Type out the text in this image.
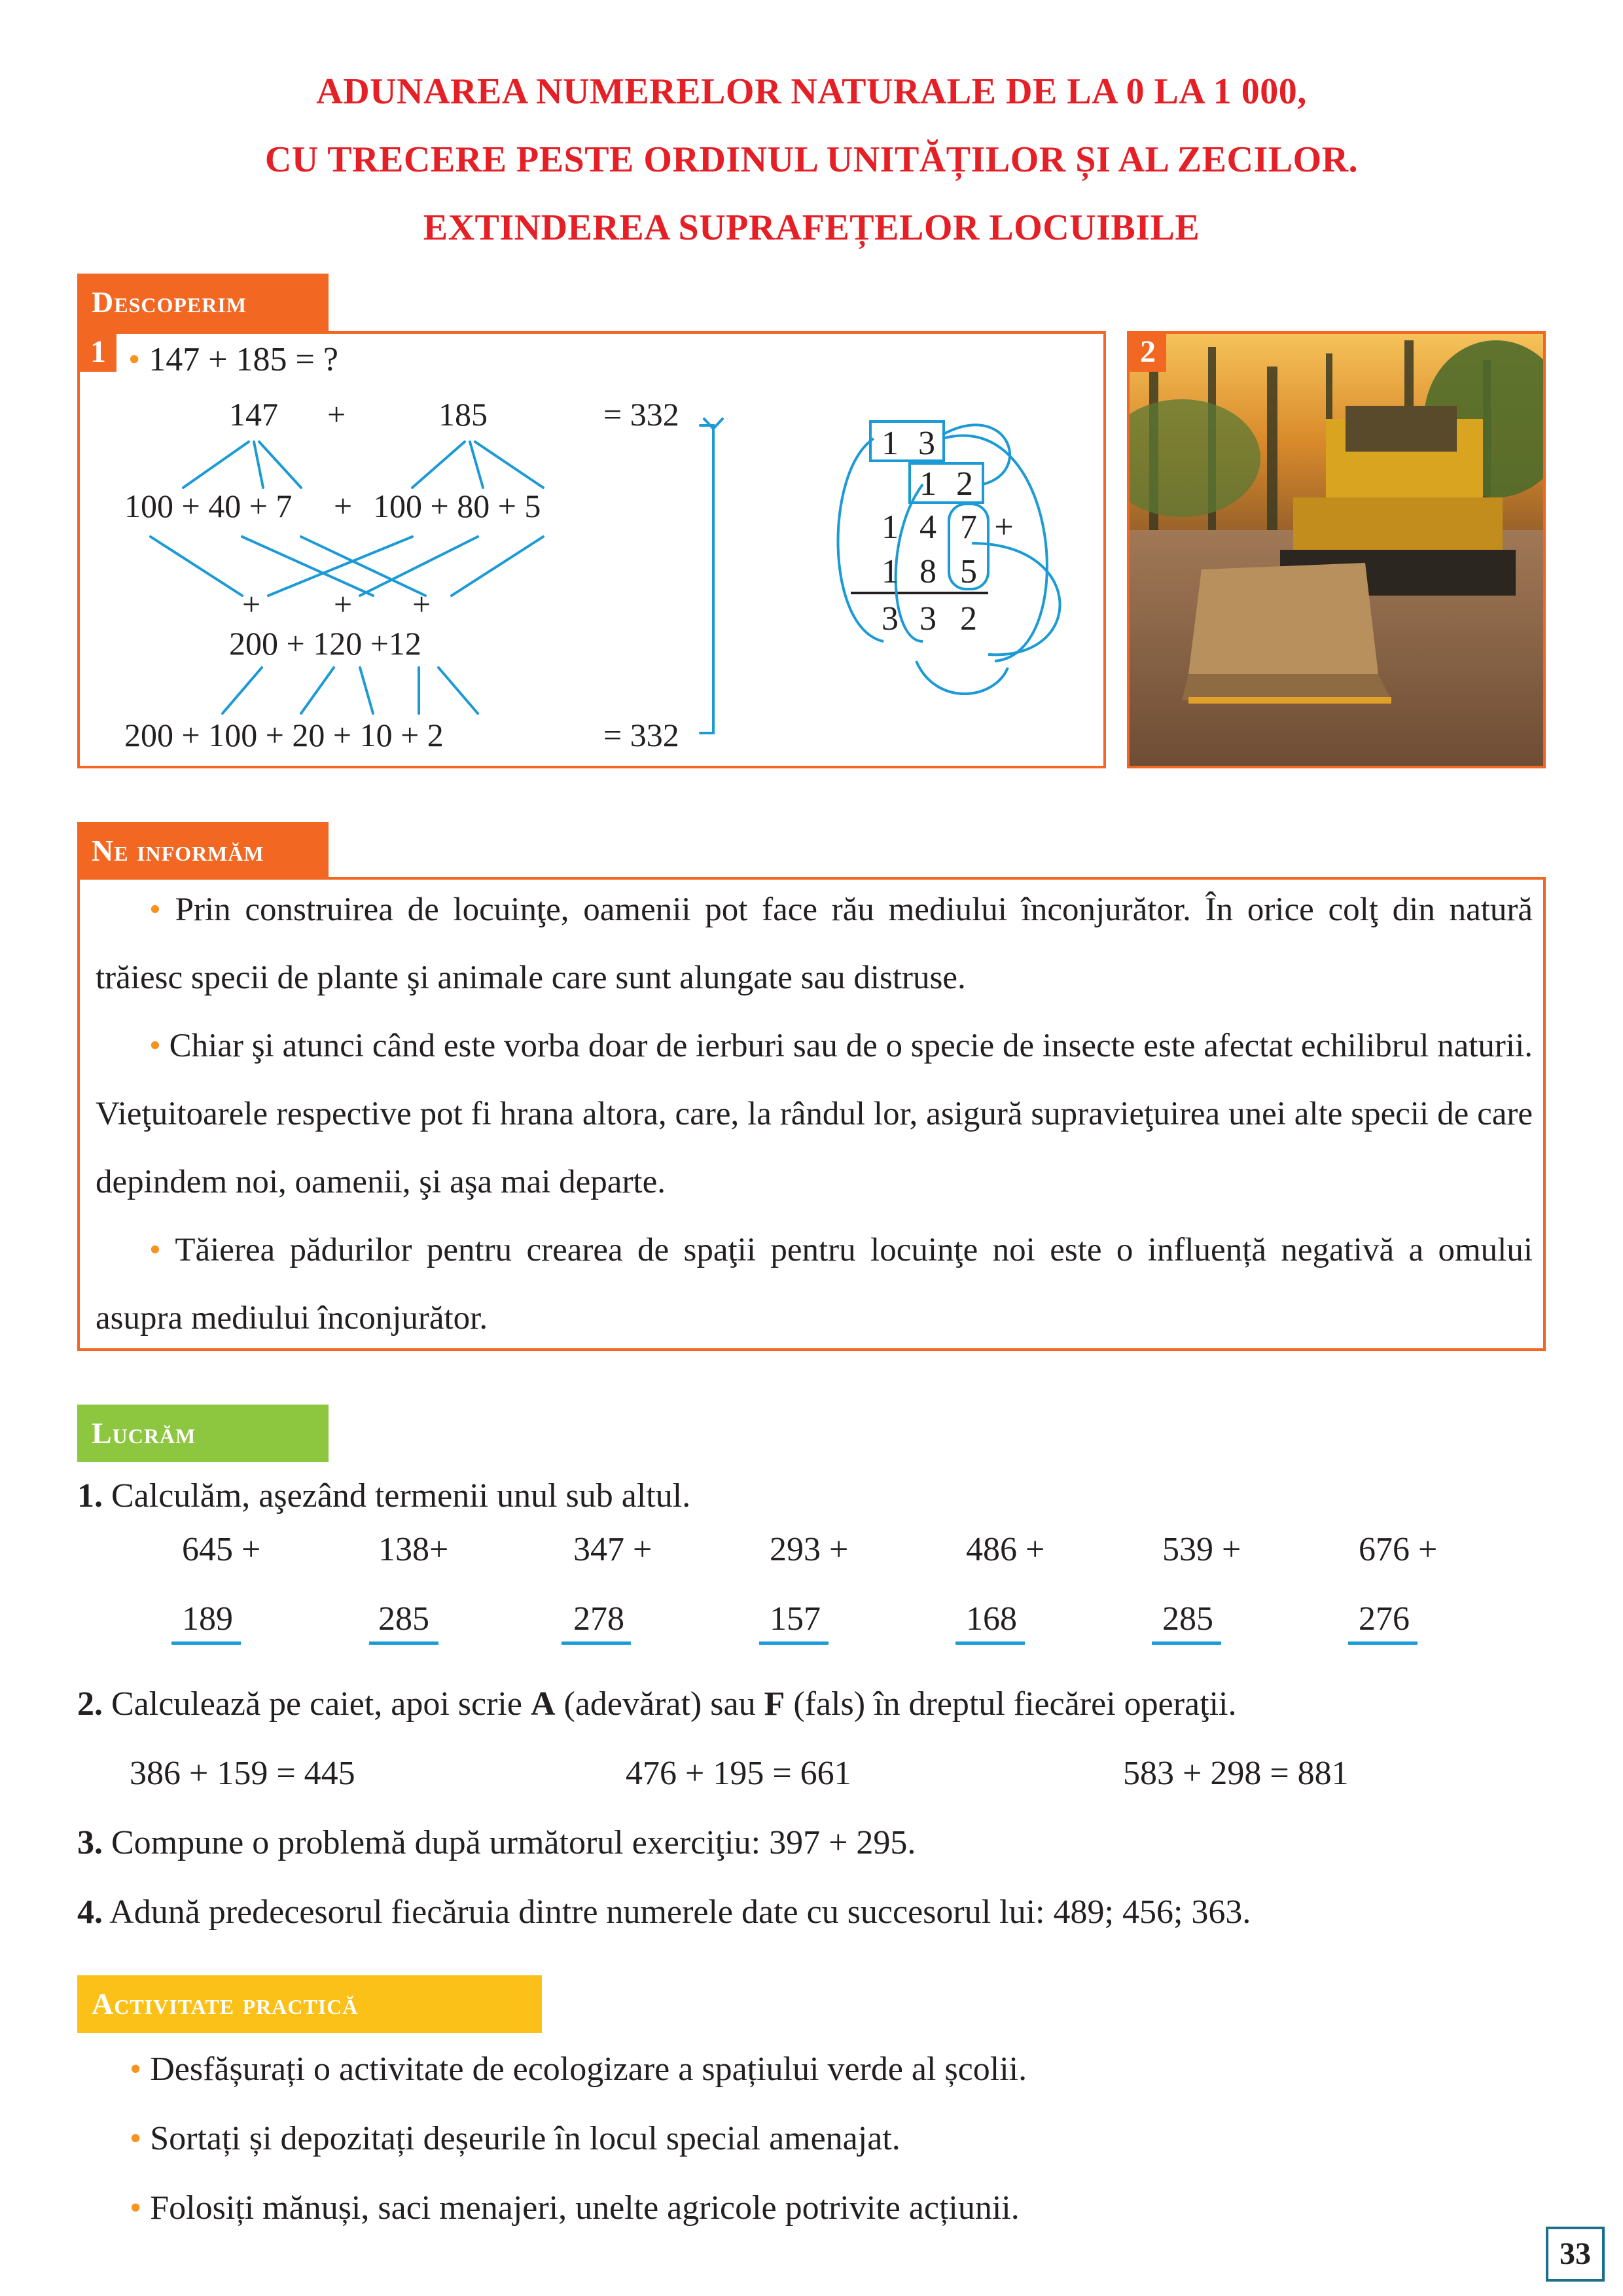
ADUNAREA NUMERELOR NATURALE DE LA 0 LA 1 000,
CU TRECERE PESTE ORDINUL UNITĂȚILOR ȘI AL ZECILOR.
EXTINDEREA SUPRAFEȚELOR LOCUIBILE
Descoperim
1 • 147 + 185 = ?
147 +	185	= 332
100 + 40 + 7 + 100 + 80 + 5
+ + +
200 + 120 +12
200 + 100 + 20 + 10 + 2	= 332
1 3
1 2
1 4 7 +
1 8 5
3 3 2
2
Ne informăm
• Prin construirea de locuinţe, oamenii pot face rău mediului înconjurător. În orice colţ din natură trăiesc specii de plante şi animale care sunt alungate sau distruse.
• Chiar şi atunci când este vorba doar de ierburi sau de o specie de insecte este afectat echilibrul naturii. Vieţuitoarele respective pot fi hrana altora, care, la rândul lor, asigură supravieţuirea unei alte specii de care depindem noi, oamenii, şi aşa mai departe.
• Tăierea pădurilor pentru crearea de spaţii pentru locuinţe noi este o influență negativă a omului asupra mediului înconjurător.
Lucrăm
1. Calculăm, aşezând termenii unul sub altul.
645 +
189
138+
285
347 +
278
293 +
157
486 +
168
539 +
285
676 +
276
2. Calculează pe caiet, apoi scrie A (adevărat) sau F (fals) în dreptul fiecărei operaţii.
386 + 159 = 445	476 + 195 = 661	583 + 298 = 881
3. Compune o problemă după următorul exerciţiu: 397 + 295.
4. Adună predecesorul fiecăruia dintre numerele date cu succesorul lui: 489; 456; 363.
Activitate practică
• Desfășurați o activitate de ecologizare a spațiului verde al școlii.
• Sortați și depozitați deșeurile în locul special amenajat.
• Folosiți mănuși, saci menajeri, unelte agricole potrivite acțiunii.
33
